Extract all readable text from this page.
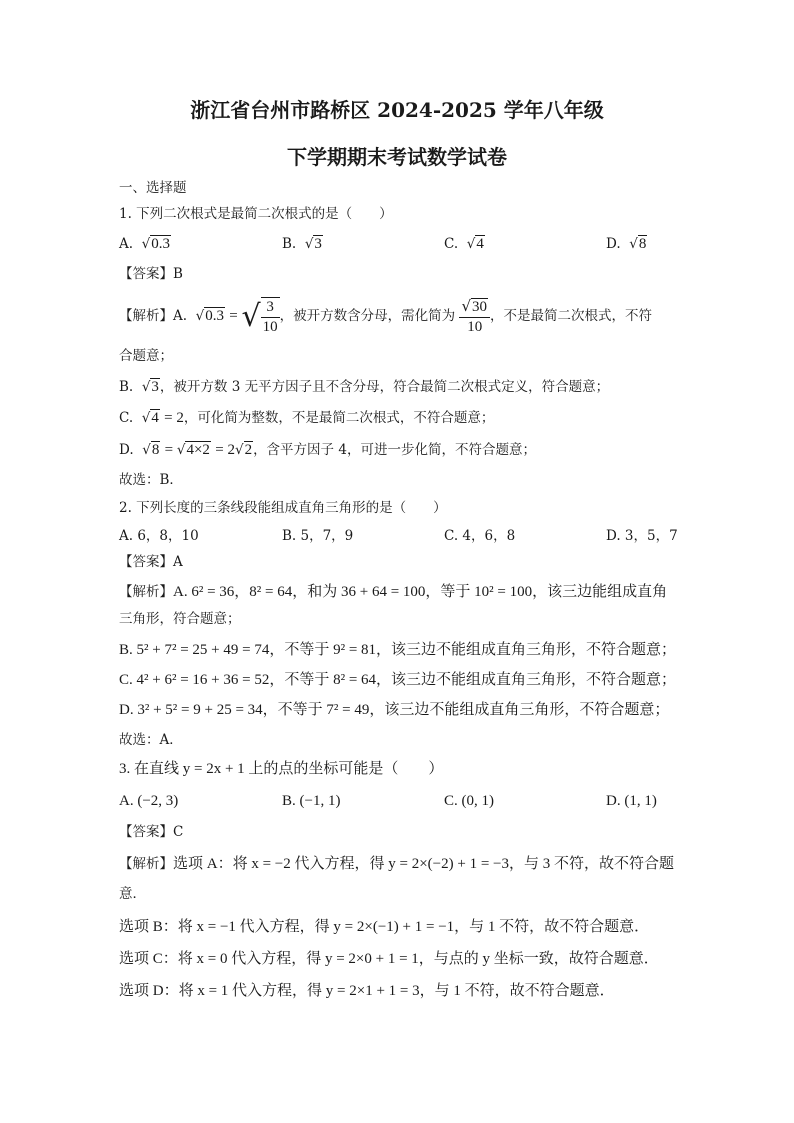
浙江省台州市路桥区 2024-2025 学年八年级
下学期期末考试数学试卷
一、选择题
1. 下列二次根式是最简二次根式的是（　　）
A. √0.3	B. √3	C. √4	D. √8
【答案】B
【解析】A. √0.3 = √ $\frac{3}{10}$ ，被开方数含分母，需化简为 $\frac{√30}{10}$ ，不是最简二次根式，不符
合题意；
B. √3，被开方数 3 无平方因子且不含分母，符合最简二次根式定义，符合题意；
C. √4 = 2，可化简为整数，不是最简二次根式，不符合题意；
D. √8 = √4×2 = 2√2，含平方因子 4，可进一步化简，不符合题意；
故选：B．
2. 下列长度的三条线段能组成直角三角形的是（　　）
A. 6，8，10	B. 5，7，9	C. 4，6，8	D. 3，5，7
【答案】A
【解析】A. 6² = 36，8² = 64，和为 36 + 64 = 100，等于 10² = 100，该三边能组成直角
三角形，符合题意；
B. 5² + 7² = 25 + 49 = 74，不等于 9² = 81，该三边不能组成直角三角形，不符合题意；
C. 4² + 6² = 16 + 36 = 52，不等于 8² = 64，该三边不能组成直角三角形，不符合题意；
D. 3² + 5² = 9 + 25 = 34，不等于 7² = 49，该三边不能组成直角三角形，不符合题意；
故选：A．
3. 在直线 y = 2x + 1 上的点的坐标可能是（　　）
A. (−2, 3)	B. (−1, 1)	C. (0, 1)	D. (1, 1)
【答案】C
【解析】选项 A：将 x = −2 代入方程，得 y = 2×(−2) + 1 = −3，与 3 不符，故不符合题
意．
选项 B：将 x = −1 代入方程，得 y = 2×(−1) + 1 = −1，与 1 不符，故不符合题意．
选项 C：将 x = 0 代入方程，得 y = 2×0 + 1 = 1，与点的 y 坐标一致，故符合题意．
选项 D：将 x = 1 代入方程，得 y = 2×1 + 1 = 3，与 1 不符，故不符合题意．
